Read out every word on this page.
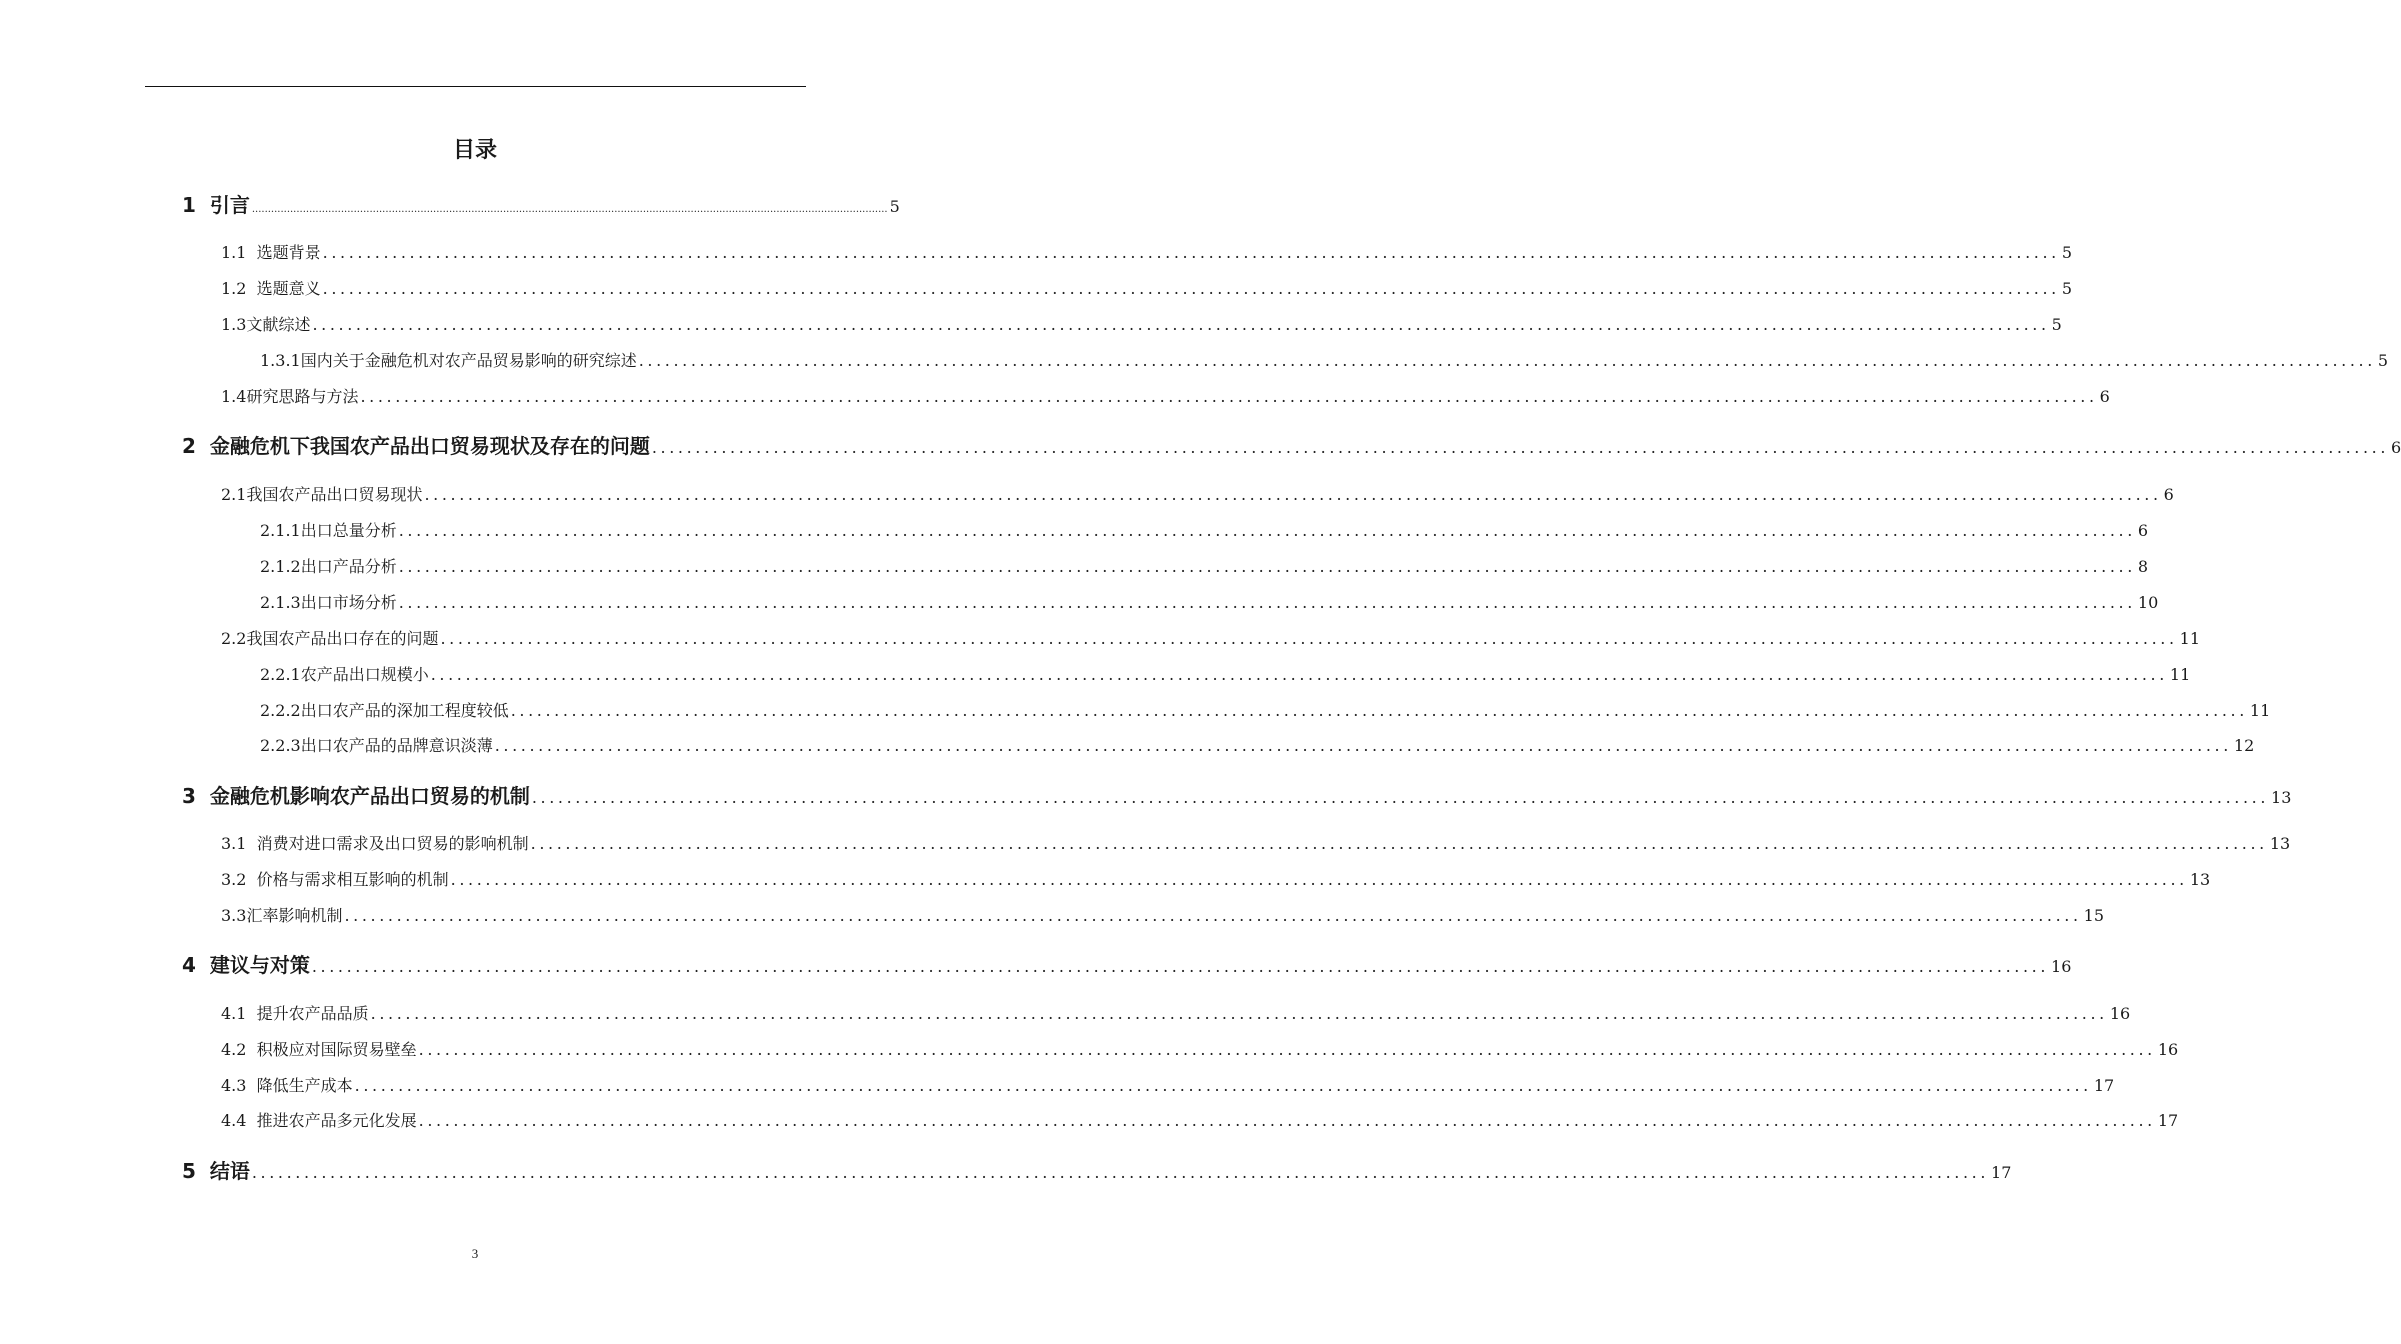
目录
1
引言 ........................................................................................................................................................................................................ 5
1.1
选题背景 ........................................................................................................................................................................................................ 5
1.2
选题意义 ........................................................................................................................................................................................................ 5
1.3 文献综述 ........................................................................................................................................................................................................ 5
1.3.1 国内关于金融危机对农产品贸易影响的研究综述 ........................................................................................................................................................................................................ 5
1.4 研究思路与方法 ........................................................................................................................................................................................................ 6
2
金融危机下我国农产品出口贸易现状及存在的问题 ........................................................................................................................................................................................................ 6
2.1 我国农产品出口贸易现状 ........................................................................................................................................................................................................ 6
2.1.1 出口总量分析 ........................................................................................................................................................................................................ 6
2.1.2 出口产品分析 ........................................................................................................................................................................................................ 8
2.1.3 出口市场分析 ........................................................................................................................................................................................................ 10
2.2 我国农产品出口存在的问题 ........................................................................................................................................................................................................ 11
2.2.1 农产品出口规模小 ........................................................................................................................................................................................................ 11
2.2.2 出口农产品的深加工程度较低 ........................................................................................................................................................................................................ 11
2.2.3 出口农产品的品牌意识淡薄 ........................................................................................................................................................................................................ 12
3
金融危机影响农产品出口贸易的机制 ........................................................................................................................................................................................................ 13
3.1
消费对进口需求及出口贸易的影响机制 ........................................................................................................................................................................................................ 13
3.2
价格与需求相互影响的机制 ........................................................................................................................................................................................................ 13
3.3 汇率影响机制 ........................................................................................................................................................................................................ 15
4
建议与对策 ........................................................................................................................................................................................................ 16
4.1
提升农产品品质 ........................................................................................................................................................................................................ 16
4.2
积极应对国际贸易壁垒 ........................................................................................................................................................................................................ 16
4.3
降低生产成本 ........................................................................................................................................................................................................ 17
4.4
推进农产品多元化发展 ........................................................................................................................................................................................................ 17
5
结语 ........................................................................................................................................................................................................ 17
3
